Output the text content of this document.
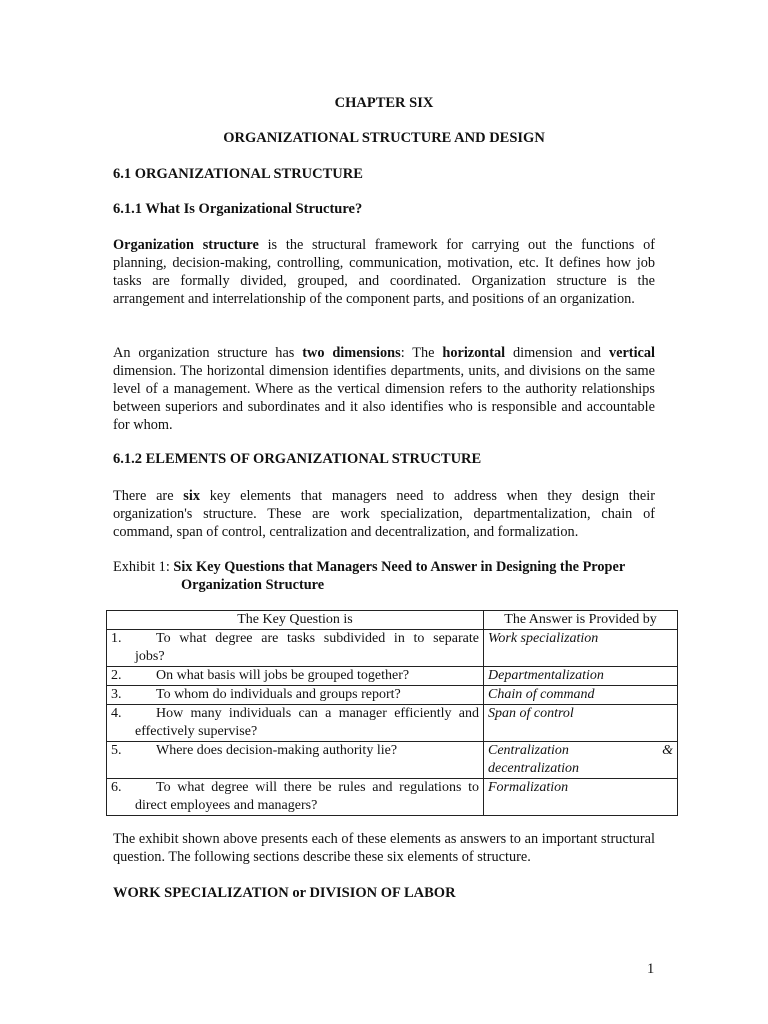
CHAPTER SIX
ORGANIZATIONAL STRUCTURE AND DESIGN
6.1 ORGANIZATIONAL STRUCTURE
6.1.1 What Is Organizational Structure?
Organization structure is the structural framework for carrying out the functions of planning, decision-making, controlling, communication, motivation, etc. It defines how job tasks are formally divided, grouped, and coordinated. Organization structure is the arrangement and interrelationship of the component parts, and positions of an organization.
An organization structure has two dimensions: The horizontal dimension and vertical dimension. The horizontal dimension identifies departments, units, and divisions on the same level of a management. Where as the vertical dimension refers to the authority relationships between superiors and subordinates and it also identifies who is responsible and accountable for whom.
6.1.2 ELEMENTS OF ORGANIZATIONAL STRUCTURE
There are six key elements that managers need to address when they design their organization's structure. These are work specialization, departmentalization, chain of command, span of control, centralization and decentralization, and formalization.
Exhibit 1: Six Key Questions that Managers Need to Answer in Designing the Proper
Organization Structure
The Key Question is	The Answer is Provided by

1. To what degree are tasks subdivided in to separate
jobs?	Work specialization

2. On what basis will jobs be grouped together?	Departmentalization

3. To whom do individuals and groups report?	Chain of command

4. How many individuals can a manager efficiently and
effectively supervise?	Span of control

5. Where does decision-making authority lie?	Centralization &
decentralization

6. To what degree will there be rules and regulations to
direct employees and managers?	Formalization
The exhibit shown above presents each of these elements as answers to an important structural question. The following sections describe these six elements of structure.
WORK SPECIALIZATION or DIVISION OF LABOR
1
